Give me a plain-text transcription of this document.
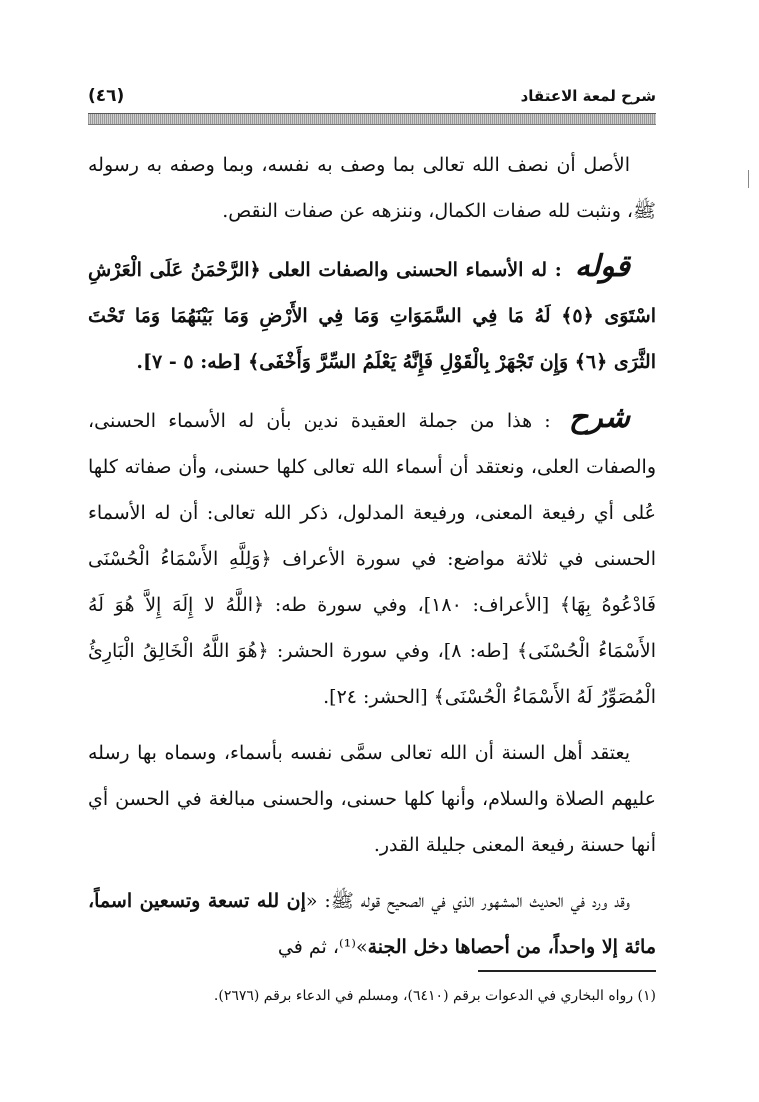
شرح لمعة الاعتقاد
(٤٦)

الأصل أن نصف الله تعالى بما وصف به نفسه، وبما وصفه به رسوله ﷺ، ونثبت لله صفات الكمال، وننزهه عن صفات النقص.

قوله : له الأسماء الحسنى والصفات العلى ﴿الرَّحْمَنُ عَلَى الْعَرْشِ اسْتَوَى ﴿٥﴾ لَهُ مَا فِي السَّمَوَاتِ وَمَا فِي الأَرْضِ وَمَا بَيْنَهُمَا وَمَا تَحْتَ الثَّرَى ﴿٦﴾ وَإِن تَجْهَرْ بِالْقَوْلِ فَإِنَّهُ يَعْلَمُ السِّرَّ وَأَخْفَى﴾ [طه: ٥ - ٧].

شرح : هذا من جملة العقيدة ندين بأن له الأسماء الحسنى، والصفات العلى، ونعتقد أن أسماء الله تعالى كلها حسنى، وأن صفاته كلها عُلى أي رفيعة المعنى، ورفيعة المدلول، ذكر الله تعالى: أن له الأسماء الحسنى في ثلاثة مواضع: في سورة الأعراف ﴿وَلِلَّهِ الأَسْمَاءُ الْحُسْنَى فَادْعُوهُ بِهَا﴾ [الأعراف: ١٨٠]، وفي سورة طه: ﴿اللَّهُ لا إِلَهَ إِلاَّ هُوَ لَهُ الأَسْمَاءُ الْحُسْنَى﴾ [طه: ٨]، وفي سورة الحشر: ﴿هُوَ اللَّهُ الْخَالِقُ الْبَارِئُ الْمُصَوِّرُ لَهُ الأَسْمَاءُ الْحُسْنَى﴾ [الحشر: ٢٤].

يعتقد أهل السنة أن الله تعالى سمَّى نفسه بأسماء، وسماه بها رسله عليهم الصلاة والسلام، وأنها كلها حسنى، والحسنى مبالغة في الحسن أي أنها حسنة رفيعة المعنى جليلة القدر.

وقد ورد في الحديث المشهور الذي في الصحيح قوله ﷺ: «إن لله تسعة وتسعين اسماً، مائة إلا واحداً، من أحصاها دخل الجنة»⁽¹⁾، ثم في

(١) رواه البخاري في الدعوات برقم (٦٤١٠)، ومسلم في الدعاء برقم (٢٦٧٦).
